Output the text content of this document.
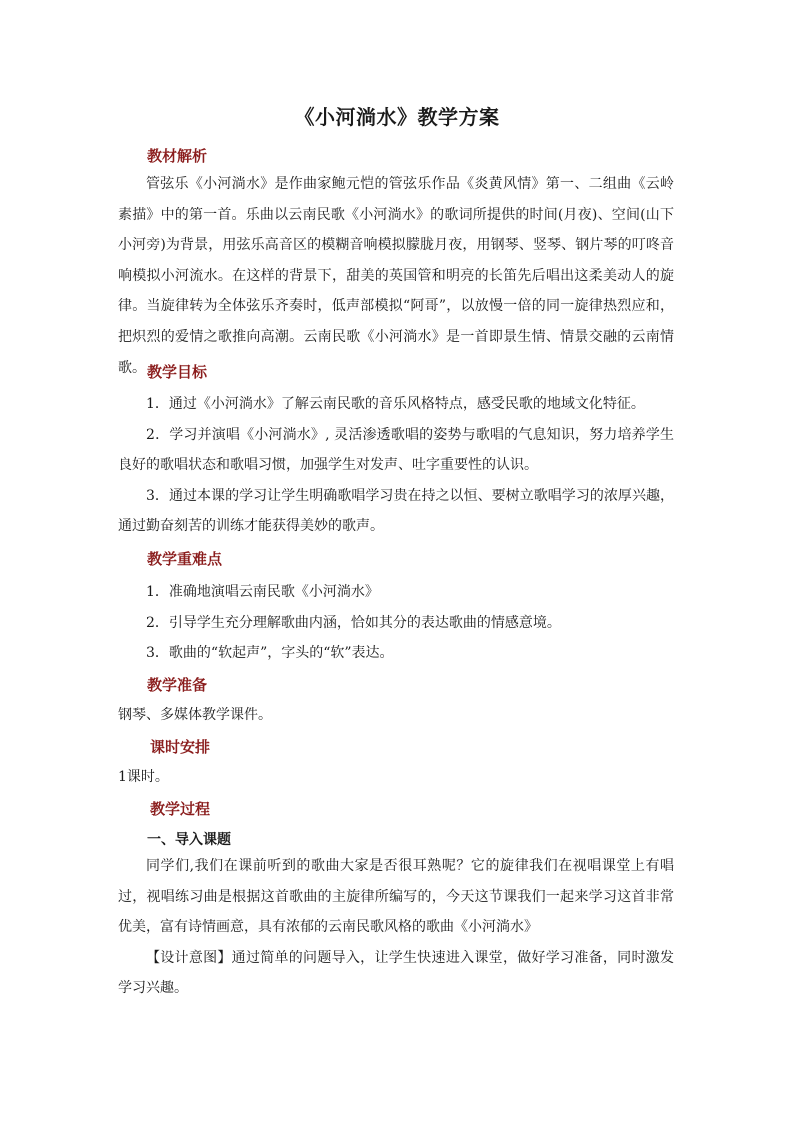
《小河淌水》教学方案
教材解析

管弦乐《小河淌水》是作曲家鲍元恺的管弦乐作品《炎黄风情》第一、二组曲《云岭素描》中的第一首。乐曲以云南民歌《小河淌水》的歌词所提供的时间(月夜)、空间(山下小河旁)为背景，用弦乐高音区的模糊音响模拟朦胧月夜，用钢琴、竖琴、钢片琴的叮咚音响模拟小河流水。在这样的背景下，甜美的英国管和明亮的长笛先后唱出这柔美动人的旋律。当旋律转为全体弦乐齐奏时，低声部模拟“阿哥”，以放慢一倍的同一旋律热烈应和，把炽烈的爱情之歌推向高潮。云南民歌《小河淌水》是一首即景生情、情景交融的云南情歌。 教学目标

1．通过《小河淌水》了解云南民歌的音乐风格特点，感受民歌的地域文化特征。

2．学习并演唱《小河淌水》, 灵活渗透歌唱的姿势与歌唱的气息知识，努力培养学生良好的歌唱状态和歌唱习惯，加强学生对发声、吐字重要性的认识。

3．通过本课的学习让学生明确歌唱学习贵在持之以恒、要树立歌唱学习的浓厚兴趣，通过勤奋刻苦的训练才能获得美妙的歌声。

教学重难点

1．准确地演唱云南民歌《小河淌水》

2．引导学生充分理解歌曲内涵，恰如其分的表达歌曲的情感意境。

3．歌曲的“软起声”，字头的“软”表达。

教学准备
钢琴、多媒体教学课件。
课时安排
1课时。
教学过程
一、导入课题

同学们,我们在课前听到的歌曲大家是否很耳熟呢？它的旋律我们在视唱课堂上有唱过，视唱练习曲是根据这首歌曲的主旋律所编写的，今天这节课我们一起来学习这首非常优美，富有诗情画意，具有浓郁的云南民歌风格的歌曲《小河淌水》

【设计意图】通过简单的问题导入，让学生快速进入课堂，做好学习准备，同时激发学习兴趣。
